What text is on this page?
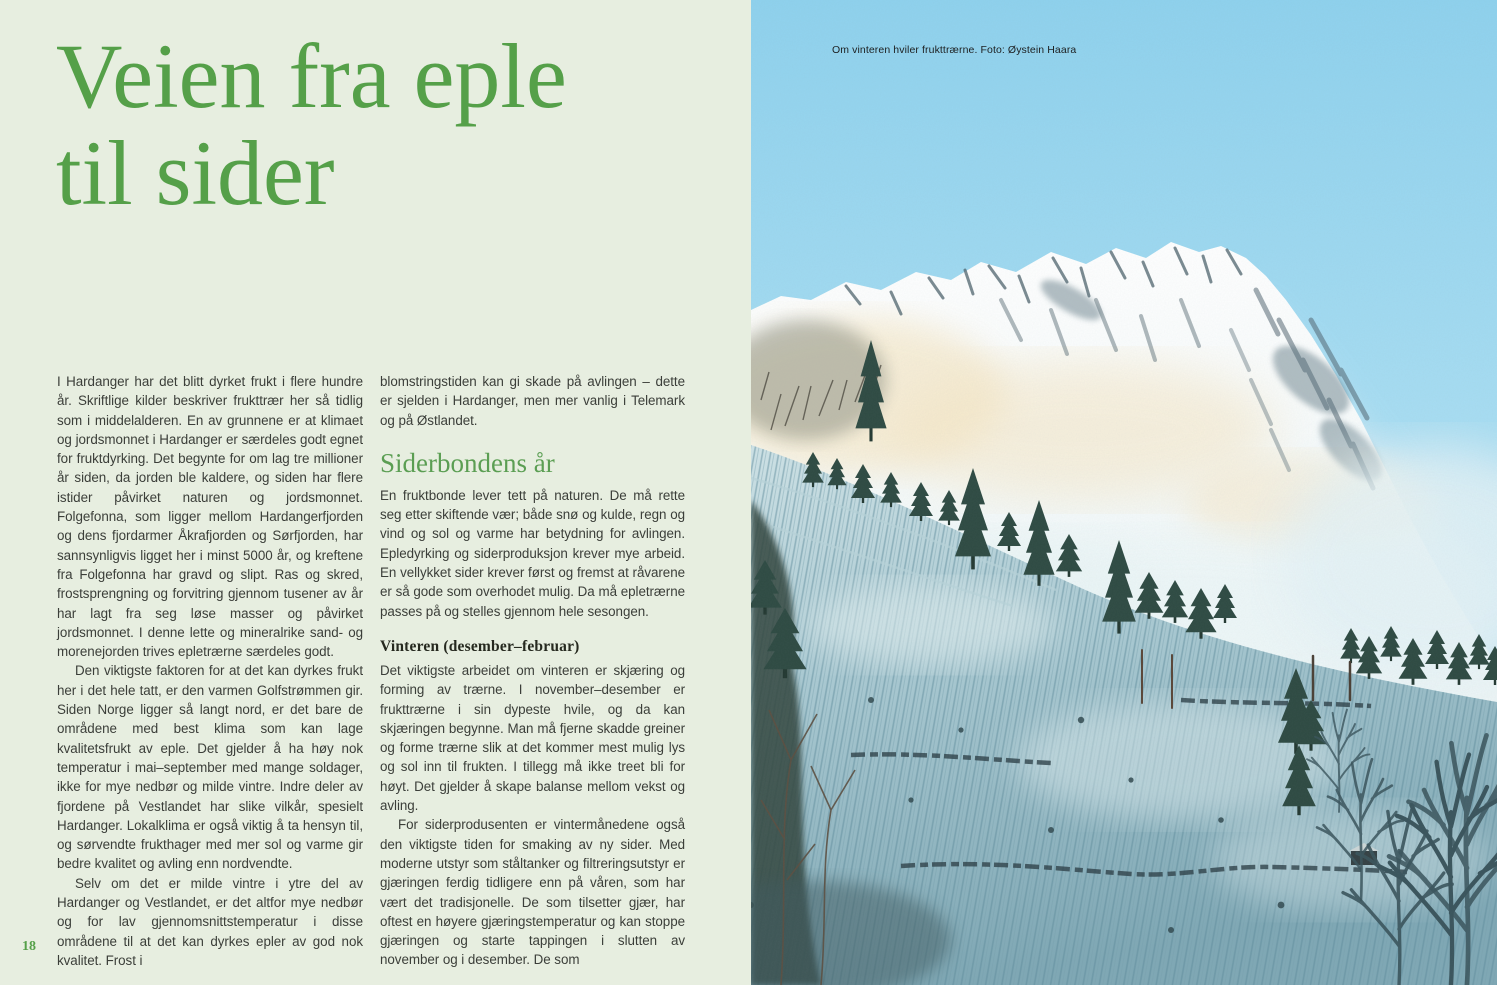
Veien fra eple
til sider

I Hardanger har det blitt dyrket frukt i flere hundre år. Skriftlige kilder beskriver frukttrær her så tidlig som i middelalderen. En av grunnene er at klimaet og jordsmonnet i Hardanger er særdeles godt egnet for fruktdyrking. Det begynte for om lag tre millioner år siden, da jorden ble kaldere, og siden har flere istider påvirket naturen og jordsmonnet. Folgefonna, som ligger mellom Hardangerfjorden og dens fjordarmer Åkrafjorden og Sørfjorden, har sannsynligvis ligget her i minst 5000 år, og kreftene fra Folgefonna har gravd og slipt. Ras og skred, frostsprengning og forvitring gjennom tusener av år har lagt fra seg løse masser og påvirket jordsmonnet. I denne lette og mineralrike sand- og morenejorden trives epletrærne særdeles godt.

Den viktigste faktoren for at det kan dyrkes frukt her i det hele tatt, er den varmen Golfstrømmen gir. Siden Norge ligger så langt nord, er det bare de områdene med best klima som kan lage kvalitetsfrukt av eple. Det gjelder å ha høy nok temperatur i mai–september med mange soldager, ikke for mye nedbør og milde vintre. Indre deler av fjordene på Vestlandet har slike vilkår, spesielt Hardanger. Lokalklima er også viktig å ta hensyn til, og sørvendte frukthager med mer sol og varme gir bedre kvalitet og avling enn nordvendte.

Selv om det er milde vintre i ytre del av Hardanger og Vestlandet, er det altfor mye nedbør og for lav gjennomsnittstemperatur i disse områdene til at det kan dyrkes epler av god nok kvalitet. Frost i

blomstringstiden kan gi skade på avlingen – dette er sjelden i Hardanger, men mer vanlig i Telemark og på Østlandet.

Siderbondens år

En fruktbonde lever tett på naturen. De må rette seg etter skiftende vær; både snø og kulde, regn og vind og sol og varme har betydning for avlingen. Epledyrking og siderproduksjon krever mye arbeid. En vellykket sider krever først og fremst at råvarene er så gode som overhodet mulig. Da må epletrærne passes på og stelles gjennom hele sesongen.

Vinteren (desember–februar)

Det viktigste arbeidet om vinteren er skjæring og forming av trærne. I november–desember er frukttrærne i sin dypeste hvile, og da kan skjæringen begynne. Man må fjerne skadde greiner og forme trærne slik at det kommer mest mulig lys og sol inn til frukten. I tillegg må ikke treet bli for høyt. Det gjelder å skape balanse mellom vekst og avling.

For siderprodusenten er vintermånedene også den viktigste tiden for smaking av ny sider. Med moderne utstyr som ståltanker og filtreringsutstyr er gjæringen ferdig tidligere enn på våren, som har vært det tradisjonelle. De som tilsetter gjær, har oftest en høyere gjæringstemperatur og kan stoppe gjæringen og starte tappingen i slutten av november og i desember. De som

18
Om vinteren hviler frukttrærne. Foto: Øystein Haara
